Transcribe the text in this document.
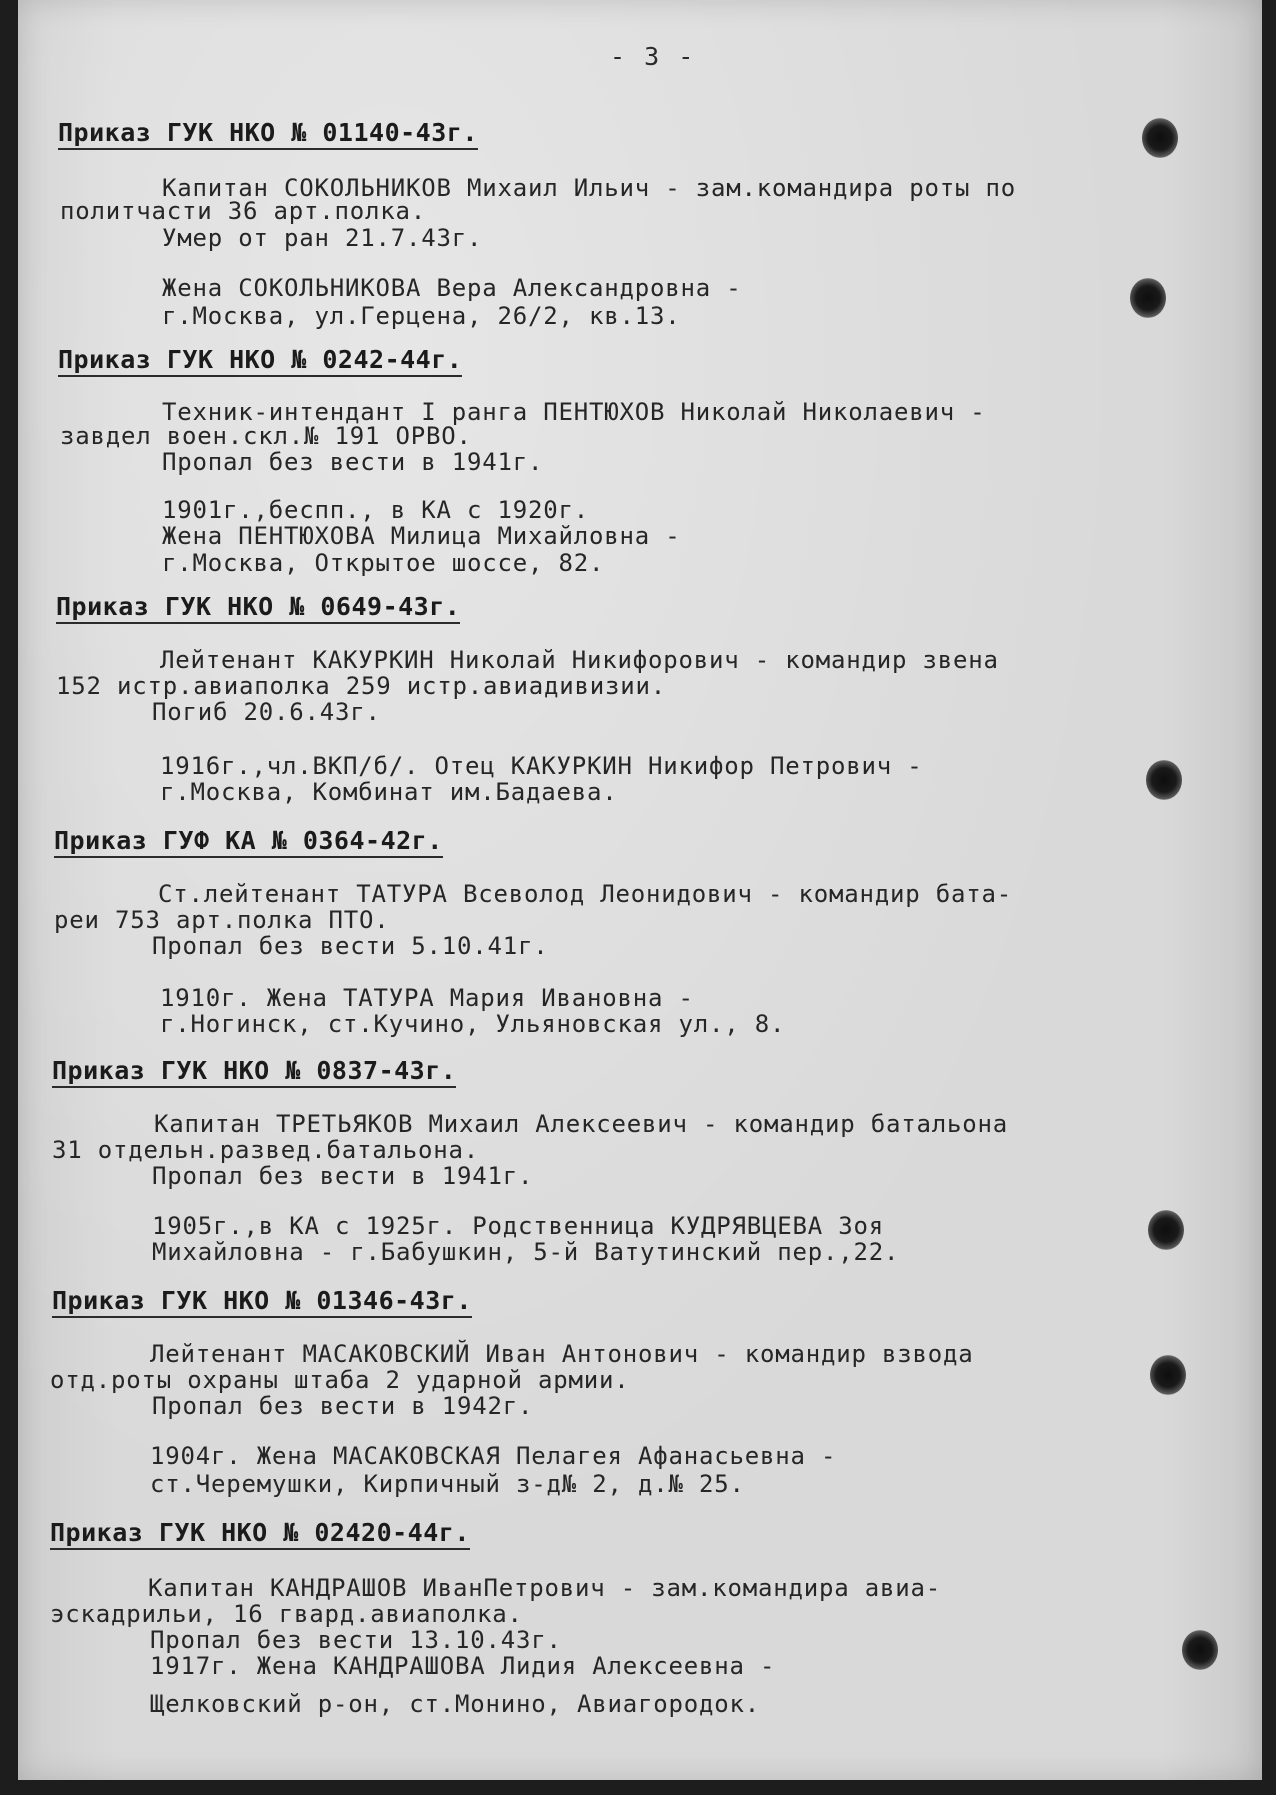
- 3 -
Приказ ГУК НКО № 01140-43г.
Капитан СОКОЛЬНИКОВ Михаил Ильич - зам.командира роты по
политчасти 36 арт.полка.
Умер от ран 21.7.43г.
Жена СОКОЛЬНИКОВА Вера Александровна -
г.Москва, ул.Герцена, 26/2, кв.13.
Приказ ГУК НКО № 0242-44г.
Техник-интендант I ранга ПЕНТЮХОВ Николай Николаевич -
завдел воен.скл.№ 191 ОРВО.
Пропал без вести в 1941г.
1901г.,беспп., в КА с 1920г.
Жена ПЕНТЮХОВА Милица Михайловна -
г.Москва, Открытое шоссе, 82.
Приказ ГУК НКО № 0649-43г.
Лейтенант КАКУРКИН Николай Никифорович - командир звена
152 истр.авиаполка 259 истр.авиадивизии.
Погиб 20.6.43г.
1916г.,чл.ВКП/б/. Отец КАКУРКИН Никифор Петрович -
г.Москва, Комбинат им.Бадаева.
Приказ ГУФ КА № 0364-42г.
Ст.лейтенант ТАТУРА Всеволод Леонидович - командир бата-
реи 753 арт.полка ПТО.
Пропал без вести 5.10.41г.
1910г. Жена ТАТУРА Мария Ивановна -
г.Ногинск, ст.Кучино, Ульяновская ул., 8.
Приказ ГУК НКО № 0837-43г.
Капитан ТРЕТЬЯКОВ Михаил Алексеевич - командир батальона
31 отдельн.развед.батальона.
Пропал без вести в 1941г.
1905г.,в КА с 1925г. Родственница КУДРЯВЦЕВА Зоя
Михайловна - г.Бабушкин, 5-й Ватутинский пер.,22.
Приказ ГУК НКО № 01346-43г.
Лейтенант МАСАКОВСКИЙ Иван Антонович - командир взвода
отд.роты охраны штаба 2 ударной армии.
Пропал без вести в 1942г.
1904г. Жена МАСАКОВСКАЯ Пелагея Афанасьевна -
ст.Черемушки, Кирпичный з-д№ 2, д.№ 25.
Приказ ГУК НКО № 02420-44г.
Капитан КАНДРАШОВ ИванПетрович - зам.командира авиа-
эскадрильи, 16 гвард.авиаполка.
Пропал без вести 13.10.43г.
1917г. Жена КАНДРАШОВА Лидия Алексеевна -
Щелковский р-он, ст.Монино, Авиагородок.
